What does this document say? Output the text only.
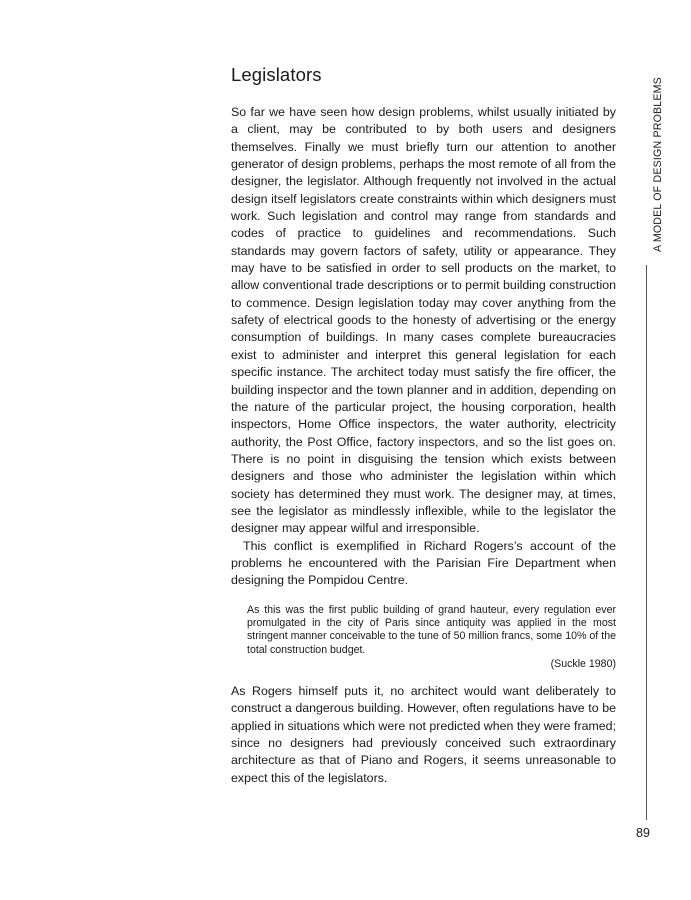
Legislators

So far we have seen how design problems, whilst usually initiated by a client, may be contributed to by both users and designers themselves. Finally we must briefly turn our attention to another generator of design problems, perhaps the most remote of all from the designer, the legislator. Although frequently not involved in the actual design itself legislators create constraints within which designers must work. Such legislation and control may range from standards and codes of practice to guidelines and recommendations. Such standards may govern factors of safety, utility or appearance. They may have to be satisfied in order to sell products on the market, to allow conventional trade descriptions or to permit building construction to commence. Design legislation today may cover anything from the safety of electrical goods to the honesty of advertising or the energy consumption of buildings. In many cases complete bureaucracies exist to administer and interpret this general legislation for each specific instance. The architect today must satisfy the fire officer, the building inspector and the town planner and in addition, depending on the nature of the particular project, the housing corporation, health inspectors, Home Office inspectors, the water authority, electricity authority, the Post Office, factory inspectors, and so the list goes on. There is no point in disguising the tension which exists between designers and those who administer the legislation within which society has determined they must work. The designer may, at times, see the legislator as mindlessly inflexible, while to the legislator the designer may appear wilful and irresponsible.

This conflict is exemplified in Richard Rogers’s account of the problems he encountered with the Parisian Fire Department when designing the Pompidou Centre.

As this was the first public building of grand hauteur, every regulation ever promulgated in the city of Paris since antiquity was applied in the most stringent manner conceivable to the tune of 50 million francs, some 10% of the total construction budget.

(Suckle 1980)

As Rogers himself puts it, no architect would want deliberately to construct a dangerous building. However, often regulations have to be applied in situations which were not predicted when they were framed; since no designers had previously conceived such extraordinary architecture as that of Piano and Rogers, it seems unreasonable to expect this of the legislators.

A MODEL OF DESIGN PROBLEMS
89
